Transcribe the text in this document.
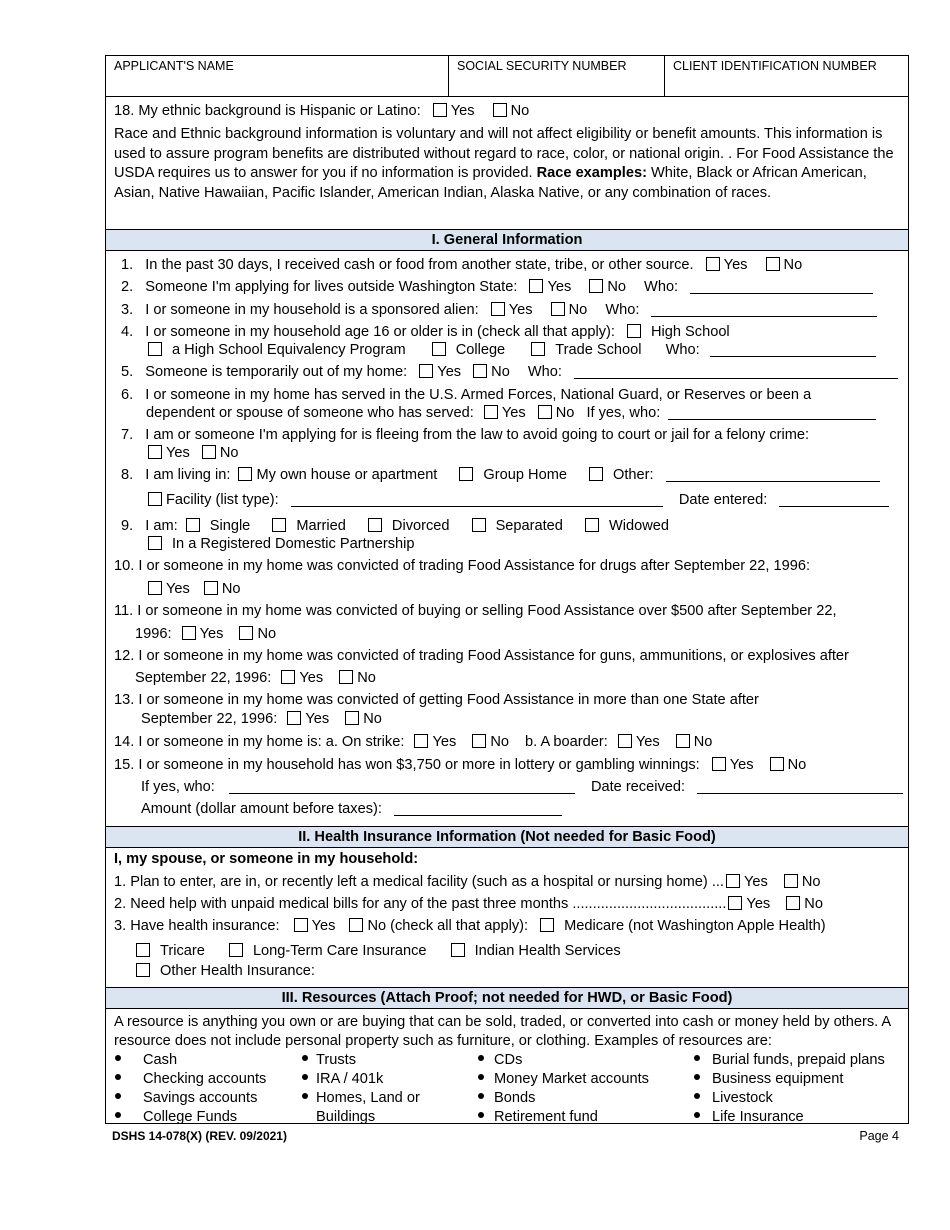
APPLICANT'S NAME	SOCIAL SECURITY NUMBER	CLIENT IDENTIFICATION NUMBER
18. My ethnic background is Hispanic or Latino: Yes No
Race and Ethnic background information is voluntary and will not affect eligibility or benefit amounts. This information is used to assure program benefits are distributed without regard to race, color, or national origin. . For Food Assistance the USDA requires us to answer for you if no information is provided. Race examples: White, Black or African American, Asian, Native Hawaiian, Pacific Islander, American Indian, Alaska Native, or any combination of races.
I. General Information
1. In the past 30 days, I received cash or food from another state, tribe, or other source. Yes No
2. Someone I'm applying for lives outside Washington State: Yes No Who:
3. I or someone in my household is a sponsored alien: Yes No Who:
4. I or someone in my household age 16 or older is in (check all that apply): High School
a High School Equivalency Program	College	Trade School Who:
5. Someone is temporarily out of my home: Yes No Who:
6. I or someone in my home has served in the U.S. Armed Forces, National Guard, or Reserves or been a
dependent or spouse of someone who has served: Yes No If yes, who:
7. I am or someone I'm applying for is fleeing from the law to avoid going to court or jail for a felony crime:
Yes No
8. I am living in: My own house or apartment	Group Home	Other:
Facility (list type):	Date entered:
9. I am: Single	Married	Divorced	Separated	Widowed
In a Registered Domestic Partnership
10. I or someone in my home was convicted of trading Food Assistance for drugs after September 22, 1996:
Yes No
11. I or someone in my home was convicted of buying or selling Food Assistance over $500 after September 22,
1996: Yes No
12. I or someone in my home was convicted of trading Food Assistance for guns, ammunitions, or explosives after
September 22, 1996: Yes No
13. I or someone in my home was convicted of getting Food Assistance in more than one State after
September 22, 1996: Yes No
14. I or someone in my home is: a. On strike: Yes No b. A boarder: Yes No
15. I or someone in my household has won $3,750 or more in lottery or gambling winnings: Yes No
If yes, who:	Date received:
Amount (dollar amount before taxes):
II. Health Insurance Information (Not needed for Basic Food)
I, my spouse, or someone in my household:
1. Plan to enter, are in, or recently left a medical facility (such as a hospital or nursing home) ... Yes No
2. Need help with unpaid medical bills for any of the past three months ...................................... Yes No
3. Have health insurance: Yes No (check all that apply): Medicare (not Washington Apple Health)
Tricare	Long-Term Care Insurance	Indian Health Services
Other Health Insurance:
III. Resources (Attach Proof; not needed for HWD, or Basic Food)
A resource is anything you own or are buying that can be sold, traded, or converted into cash or money held by others. A resource does not include personal property such as furniture, or clothing. Examples of resources are:
Cash
Checking accounts
Savings accounts
College Funds
Trusts
IRA / 401k
Homes, Land or
Buildings
CDs
Money Market accounts
Bonds
Retirement fund
Burial funds, prepaid plans
Business equipment
Livestock
Life Insurance
DSHS 14-078(X) (REV. 09/2021)	Page 4
